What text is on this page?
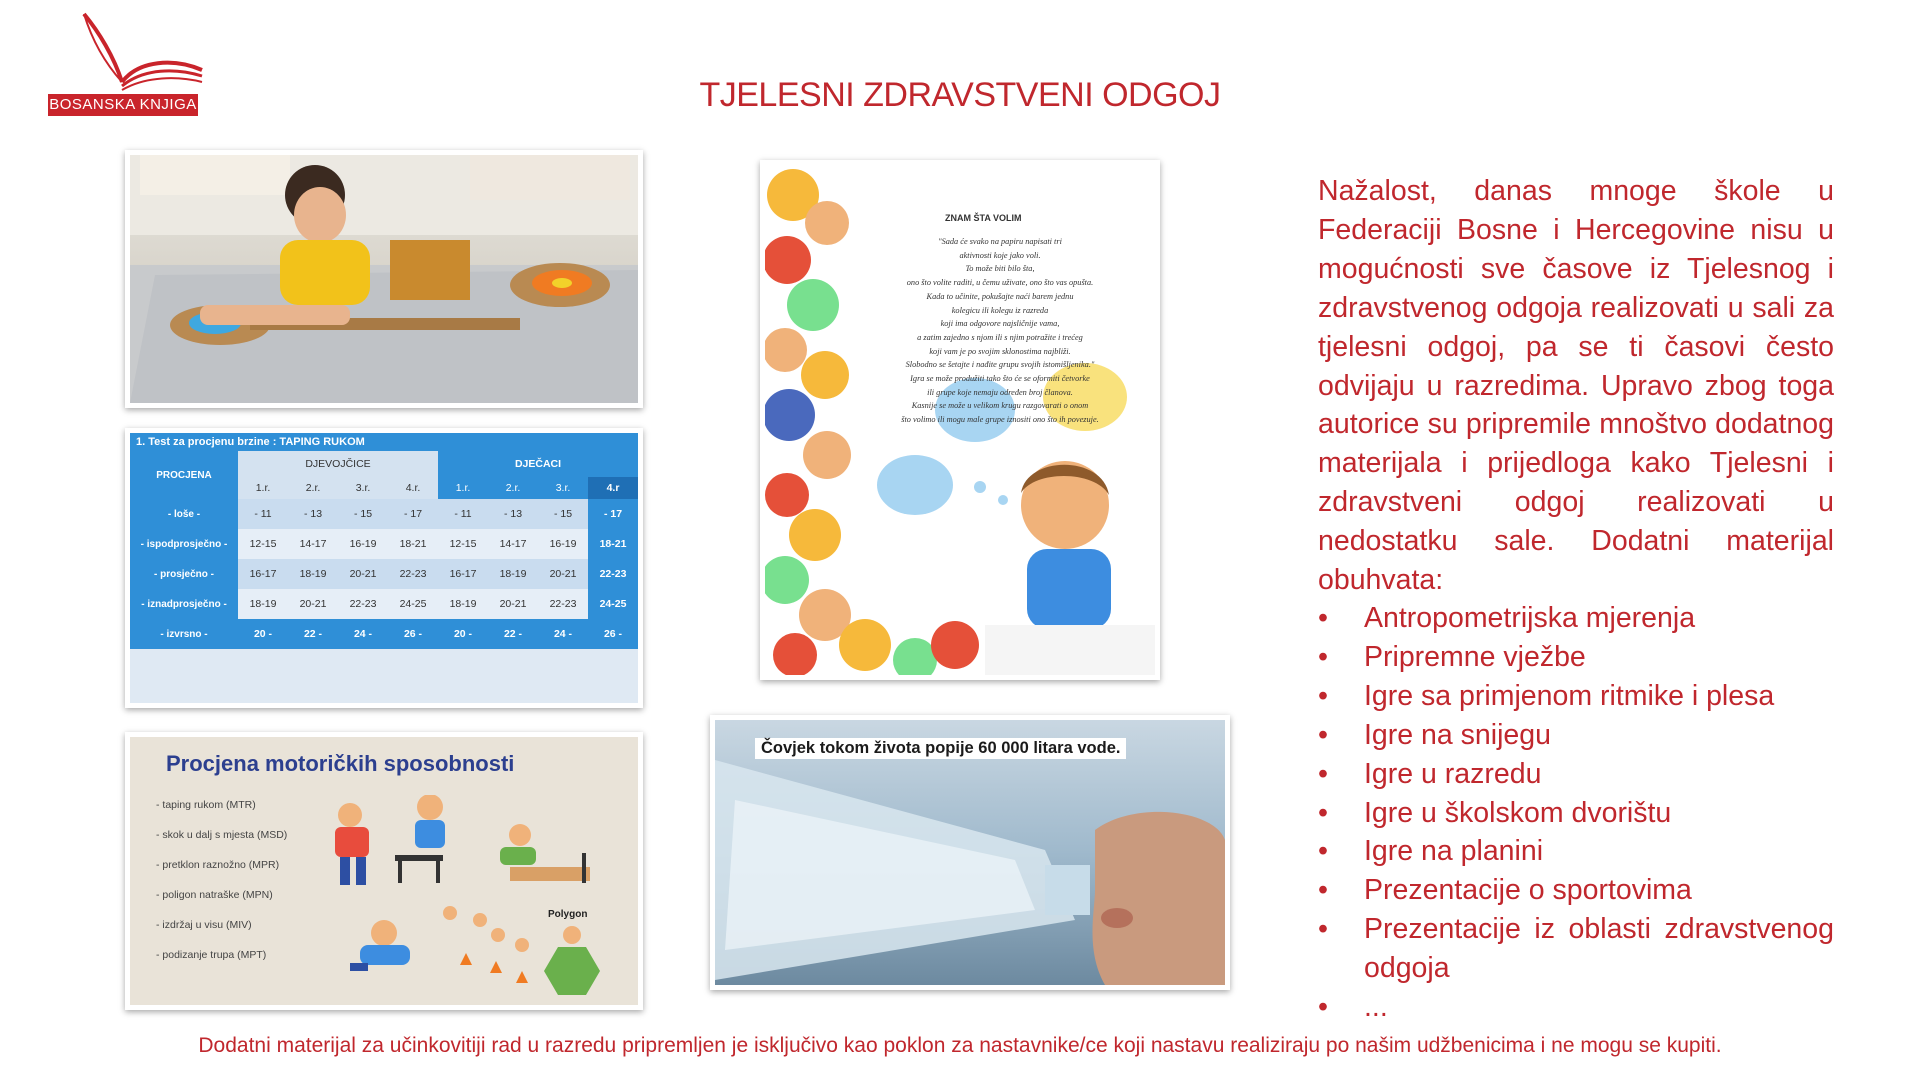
BOSANSKA KNJIGA	TJELESNI ZDRAVSTVENI ODGOJ
1. Test za procjenu brzine : TAPING RUKOM
PROCJENA	DJEVOJČICE				DJEČACI			
	1.r.	2.r.	3.r.	4.r.	1.r.	2.r.	3.r.	4.r
- loše -	- 11	- 13	- 15	- 17	- 11	- 13	- 15	- 17
- ispodprosječno -	12-15	14-17	16-19	18-21	12-15	14-17	16-19	18-21
- prosječno -	16-17	18-19	20-21	22-23	16-17	18-19	20-21	22-23
- iznadprosječno -	18-19	20-21	22-23	24-25	18-19	20-21	22-23	24-25
- izvrsno -	20 -	22 -	24 -	26 -	20 -	22 -	24 -	26 -
Procjena motoričkih sposobnosti
- taping rukom (MTR)
- skok u dalj s mjesta (MSD)
- pretklon raznožno (MPR)
- poligon natraške (MPN)
- izdržaj u visu (MIV)
- podizanje trupa (MPT)
Polygon
ZNAM ŠTA VOLIM
"Sada će svako na papiru napisati tri
aktivnosti koje jako voli.
To može biti bilo šta,
ono što volite raditi, u čemu uživate, ono što vas opušta.
Kada to učinite, pokušajte naći barem jednu
kolegicu ili kolegu iz razreda
koji ima odgovore najsličnije vama,
a zatim zajedno s njom ili s njim potražite i trećeg
koji vam je po svojim sklonostima najbliži.
Slobodno se šetajte i nađite grupu svojih istomišljenika."
Igra se može produžiti tako što će se oformiti četvorke
ili grupe koje nemaju određen broj članova.
Kasnije se može u velikom krugu razgovarati o onom
što volimo ili mogu male grupe iznositi ono što ih povezuje.
Čovjek tokom života popije 60 000 litara vode.
Nažalost, danas mnoge škole u Federaciji Bosne i Hercegovine nisu u mogućnosti sve časove iz Tjelesnog i zdravstvenog odgoja realizovati u sali za tjelesni odgoj, pa se ti časovi često odvijaju u razredima. Upravo zbog toga autorice su pripremile mnoštvo dodatnog materijala i prijedloga kako Tjelesni i zdravstveni odgoj realizovati u nedostatku sale. Dodatni materijal obuhvata:
• Antropometrijska mjerenja
• Pripremne vježbe
• Igre sa primjenom ritmike i plesa
• Igre na snijegu
• Igre u razredu
• Igre u školskom dvorištu
• Igre na planini
• Prezentacije o sportovima
• Prezentacije iz oblasti zdravstvenog odgoja
• ...
Dodatni materijal za učinkovitiji rad u razredu pripremljen je isključivo kao poklon za nastavnike/ce koji nastavu realiziraju po našim udžbenicima i ne mogu se kupiti.
